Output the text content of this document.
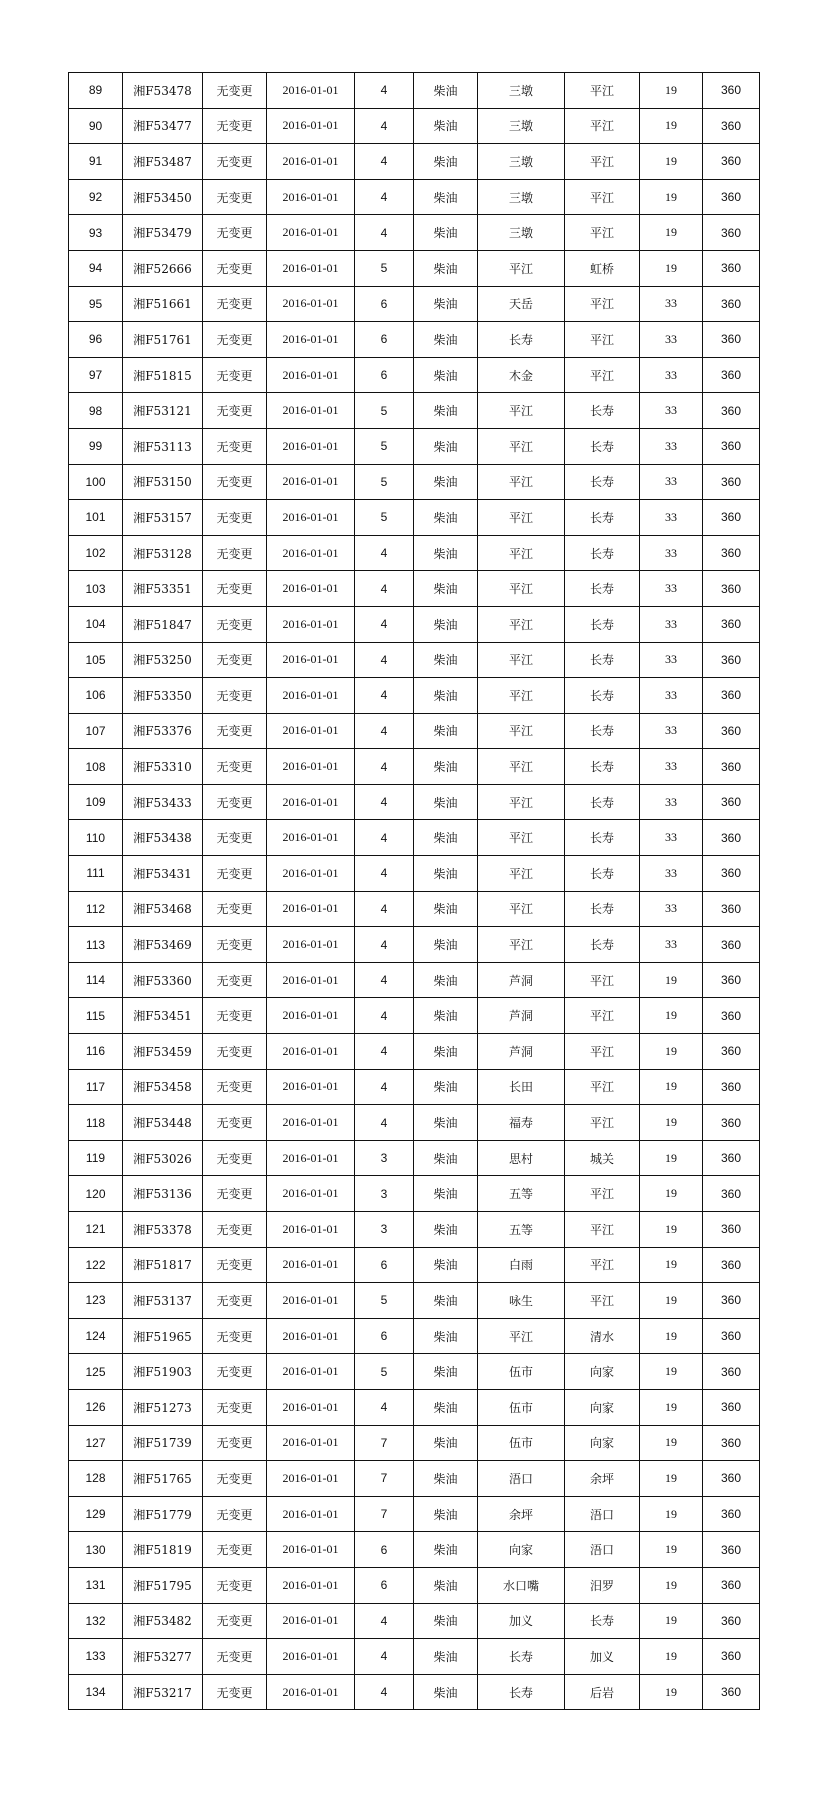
89	湘F53478	无变更	2016-01-01	4	柴油	三墩	平江	19	360
90	湘F53477	无变更	2016-01-01	4	柴油	三墩	平江	19	360
91	湘F53487	无变更	2016-01-01	4	柴油	三墩	平江	19	360
92	湘F53450	无变更	2016-01-01	4	柴油	三墩	平江	19	360
93	湘F53479	无变更	2016-01-01	4	柴油	三墩	平江	19	360
94	湘F52666	无变更	2016-01-01	5	柴油	平江	虹桥	19	360
95	湘F51661	无变更	2016-01-01	6	柴油	天岳	平江	33	360
96	湘F51761	无变更	2016-01-01	6	柴油	长寿	平江	33	360
97	湘F51815	无变更	2016-01-01	6	柴油	木金	平江	33	360
98	湘F53121	无变更	2016-01-01	5	柴油	平江	长寿	33	360
99	湘F53113	无变更	2016-01-01	5	柴油	平江	长寿	33	360
100	湘F53150	无变更	2016-01-01	5	柴油	平江	长寿	33	360
101	湘F53157	无变更	2016-01-01	5	柴油	平江	长寿	33	360
102	湘F53128	无变更	2016-01-01	4	柴油	平江	长寿	33	360
103	湘F53351	无变更	2016-01-01	4	柴油	平江	长寿	33	360
104	湘F51847	无变更	2016-01-01	4	柴油	平江	长寿	33	360
105	湘F53250	无变更	2016-01-01	4	柴油	平江	长寿	33	360
106	湘F53350	无变更	2016-01-01	4	柴油	平江	长寿	33	360
107	湘F53376	无变更	2016-01-01	4	柴油	平江	长寿	33	360
108	湘F53310	无变更	2016-01-01	4	柴油	平江	长寿	33	360
109	湘F53433	无变更	2016-01-01	4	柴油	平江	长寿	33	360
110	湘F53438	无变更	2016-01-01	4	柴油	平江	长寿	33	360
111	湘F53431	无变更	2016-01-01	4	柴油	平江	长寿	33	360
112	湘F53468	无变更	2016-01-01	4	柴油	平江	长寿	33	360
113	湘F53469	无变更	2016-01-01	4	柴油	平江	长寿	33	360
114	湘F53360	无变更	2016-01-01	4	柴油	芦洞	平江	19	360
115	湘F53451	无变更	2016-01-01	4	柴油	芦洞	平江	19	360
116	湘F53459	无变更	2016-01-01	4	柴油	芦洞	平江	19	360
117	湘F53458	无变更	2016-01-01	4	柴油	长田	平江	19	360
118	湘F53448	无变更	2016-01-01	4	柴油	福寿	平江	19	360
119	湘F53026	无变更	2016-01-01	3	柴油	思村	城关	19	360
120	湘F53136	无变更	2016-01-01	3	柴油	五等	平江	19	360
121	湘F53378	无变更	2016-01-01	3	柴油	五等	平江	19	360
122	湘F51817	无变更	2016-01-01	6	柴油	白雨	平江	19	360
123	湘F53137	无变更	2016-01-01	5	柴油	咏生	平江	19	360
124	湘F51965	无变更	2016-01-01	6	柴油	平江	清水	19	360
125	湘F51903	无变更	2016-01-01	5	柴油	伍市	向家	19	360
126	湘F51273	无变更	2016-01-01	4	柴油	伍市	向家	19	360
127	湘F51739	无变更	2016-01-01	7	柴油	伍市	向家	19	360
128	湘F51765	无变更	2016-01-01	7	柴油	浯口	余坪	19	360
129	湘F51779	无变更	2016-01-01	7	柴油	余坪	浯口	19	360
130	湘F51819	无变更	2016-01-01	6	柴油	向家	浯口	19	360
131	湘F51795	无变更	2016-01-01	6	柴油	水口嘴	汨罗	19	360
132	湘F53482	无变更	2016-01-01	4	柴油	加义	长寿	19	360
133	湘F53277	无变更	2016-01-01	4	柴油	长寿	加义	19	360
134	湘F53217	无变更	2016-01-01	4	柴油	长寿	后岩	19	360
